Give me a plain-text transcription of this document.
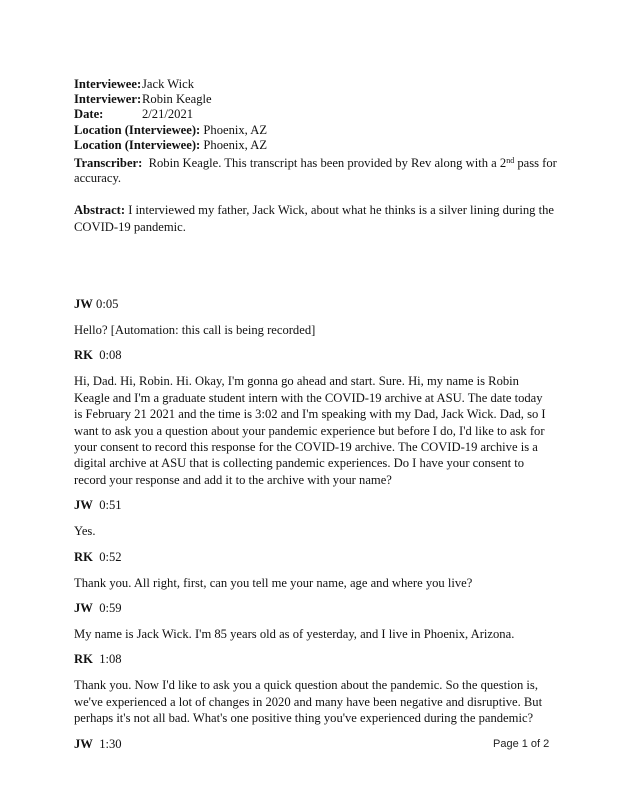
Interviewee:Jack Wick
Interviewer:Robin Keagle
Date:	2/21/2021
Location (Interviewee): Phoenix, AZ
Location (Interviewee): Phoenix, AZ
Transcriber: Robin Keagle. This transcript has been provided by Rev along with a 2nd pass for
accuracy.
Abstract: I interviewed my father, Jack Wick, about what he thinks is a silver lining during the COVID-19 pandemic.

JW 0:05

Hello? [Automation: this call is being recorded]

RK 0:08

Hi, Dad. Hi, Robin. Hi. Okay, I'm gonna go ahead and start. Sure. Hi, my name is Robin Keagle and I'm a graduate student intern with the COVID-19 archive at ASU. The date today is February 21 2021 and the time is 3:02 and I'm speaking with my Dad, Jack Wick. Dad, so I want to ask you a question about your pandemic experience but before I do, I'd like to ask for your consent to record this response for the COVID-19 archive. The COVID-19 archive is a digital archive at ASU that is collecting pandemic experiences. Do I have your consent to record your response and add it to the archive with your name?

JW 0:51

Yes.

RK 0:52

Thank you. All right, first, can you tell me your name, age and where you live?

JW 0:59

My name is Jack Wick. I'm 85 years old as of yesterday, and I live in Phoenix, Arizona.

RK 1:08

Thank you. Now I'd like to ask you a quick question about the pandemic. So the question is, we've experienced a lot of changes in 2020 and many have been negative and disruptive. But perhaps it's not all bad. What's one positive thing you've experienced during the pandemic?

JW 1:30	Page 1 of 2
